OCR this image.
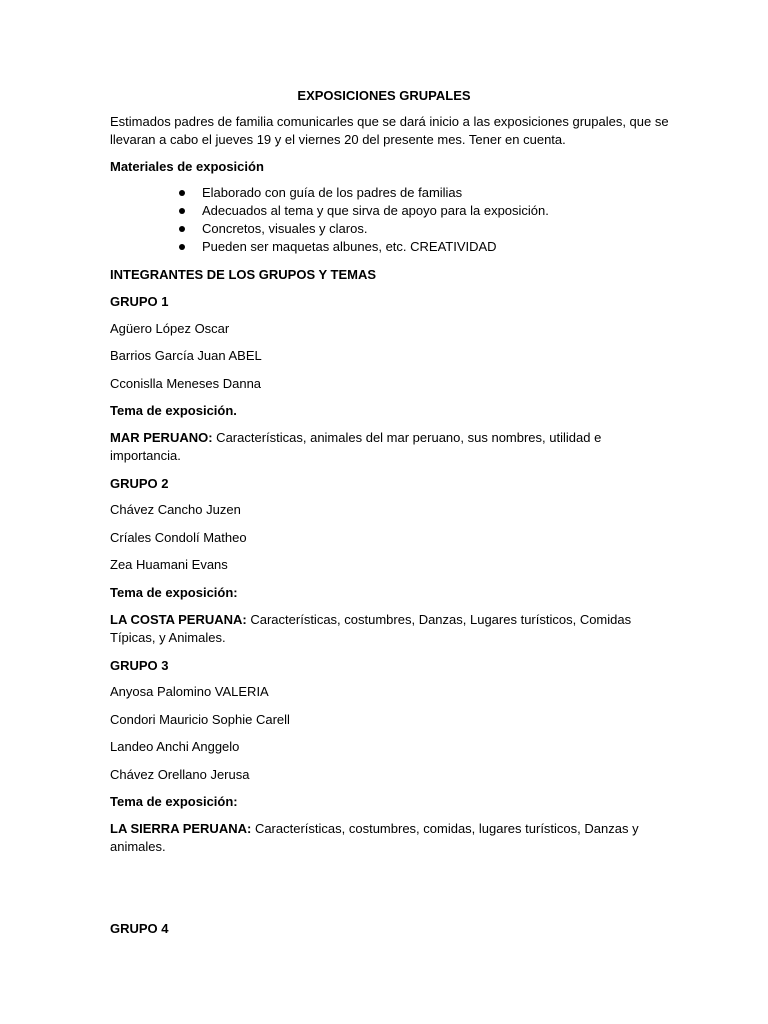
EXPOSICIONES GRUPALES

Estimados padres de familia comunicarles que se dará inicio a las exposiciones grupales, que se llevaran a cabo el jueves 19 y el viernes 20 del presente mes. Tener en cuenta.

Materiales de exposición

Elaborado con guía de los padres de familias
Adecuados al tema y que sirva de apoyo para la exposición.
Concretos, visuales y claros.
Pueden ser maquetas albunes, etc. CREATIVIDAD

INTEGRANTES DE LOS GRUPOS Y TEMAS

GRUPO 1

Agüero López Oscar

Barrios García Juan ABEL

Cconislla Meneses Danna

Tema de exposición.

MAR PERUANO: Características, animales del mar peruano, sus nombres, utilidad e importancia.

GRUPO 2

Chávez Cancho Juzen

Críales Condolí Matheo

Zea Huamani Evans

Tema de exposición:

LA COSTA PERUANA: Características, costumbres, Danzas, Lugares turísticos, Comidas Típicas, y Animales.

GRUPO 3

Anyosa Palomino VALERIA

Condori Mauricio Sophie Carell

Landeo Anchi Anggelo

Chávez Orellano Jerusa

Tema de exposición:

LA SIERRA PERUANA: Características, costumbres, comidas, lugares turísticos, Danzas y animales.

GRUPO 4
